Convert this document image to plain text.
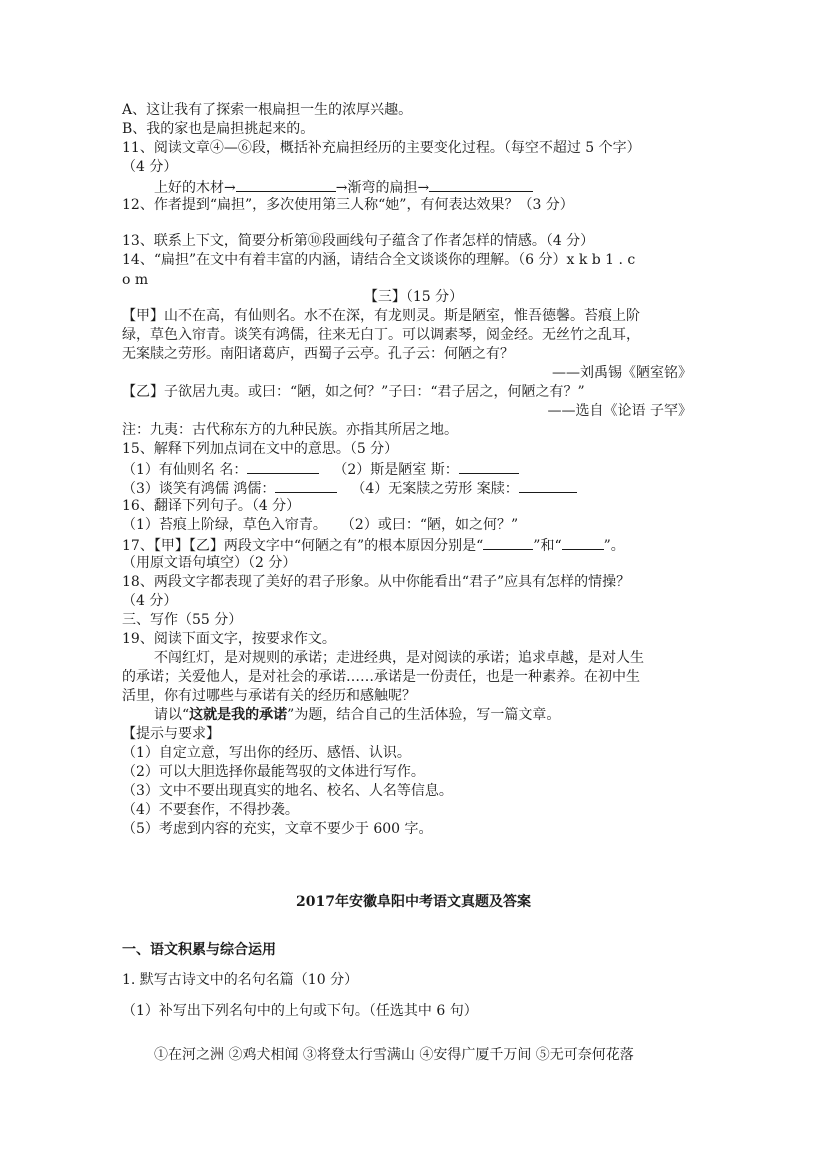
A、这让我有了探索一根扁担一生的浓厚兴趣。
B、我的家也是扁担挑起来的。
11、阅读文章④—⑥段，概括补充扁担经历的主要变化过程。（每空不超过 5 个字）
（4 分）
上好的木材→	→渐弯的扁担→
12、作者提到“扁担”，多次使用第三人称“她”，有何表达效果？（3 分）
13、联系上下文，简要分析第⑩段画线句子蕴含了作者怎样的情感。（4 分）
14、“扁担”在文中有着丰富的内涵，请结合全文谈谈你的理解。（6 分）x k b 1 . c
o m
【三】（15 分）
【甲】山不在高，有仙则名。水不在深，有龙则灵。斯是陋室，惟吾德馨。苔痕上阶
绿，草色入帘青。谈笑有鸿儒，往来无白丁。可以调素琴，阅金经。无丝竹之乱耳，
无案牍之劳形。南阳诸葛庐，西蜀子云亭。孔子云：何陋之有？
——刘禹锡《陋室铭》
【乙】子欲居九夷。或曰：“陋，如之何？”子曰：“君子居之，何陋之有？”
——选自《论语 子罕》
注：九夷：古代称东方的九种民族。亦指其所居之地。
15、解释下列加点词在文中的意思。（5 分）
（1）有仙则名 名：	（2）斯是陋室 斯：
（3）谈笑有鸿儒 鸿儒：	（4）无案牍之劳形 案牍：
16、翻译下列句子。（4 分）
（1）苔痕上阶绿，草色入帘青。 （2）或曰：“陋，如之何？”
17、【甲】【乙】两段文字中“何陋之有”的根本原因分别是“	”和“	”。
（用原文语句填空）（2 分）
18、两段文字都表现了美好的君子形象。从中你能看出“君子”应具有怎样的情操？
（4 分）
三、写作（55 分）
19、阅读下面文字，按要求作文。
不闯红灯，是对规则的承诺；走进经典，是对阅读的承诺；追求卓越，是对人生
的承诺；关爱他人，是对社会的承诺……承诺是一份责任，也是一种素养。在初中生
活里，你有过哪些与承诺有关的经历和感触呢？
请以“这就是我的承诺”为题，结合自己的生活体验，写一篇文章。
【提示与要求】
（1）自定立意，写出你的经历、感悟、认识。
（2）可以大胆选择你最能驾驭的文体进行写作。
（3）文中不要出现真实的地名、校名、人名等信息。
（4）不要套作，不得抄袭。
（5）考虑到内容的充实，文章不要少于 600 字。
2017年安徽阜阳中考语文真题及答案
一、语文积累与综合运用
1. 默写古诗文中的名句名篇（10 分）
（1）补写出下列名句中的上句或下句。（任选其中 6 句）
①在河之洲 ②鸡犬相闻 ③将登太行雪满山 ④安得广厦千万间 ⑤无可奈何花落
